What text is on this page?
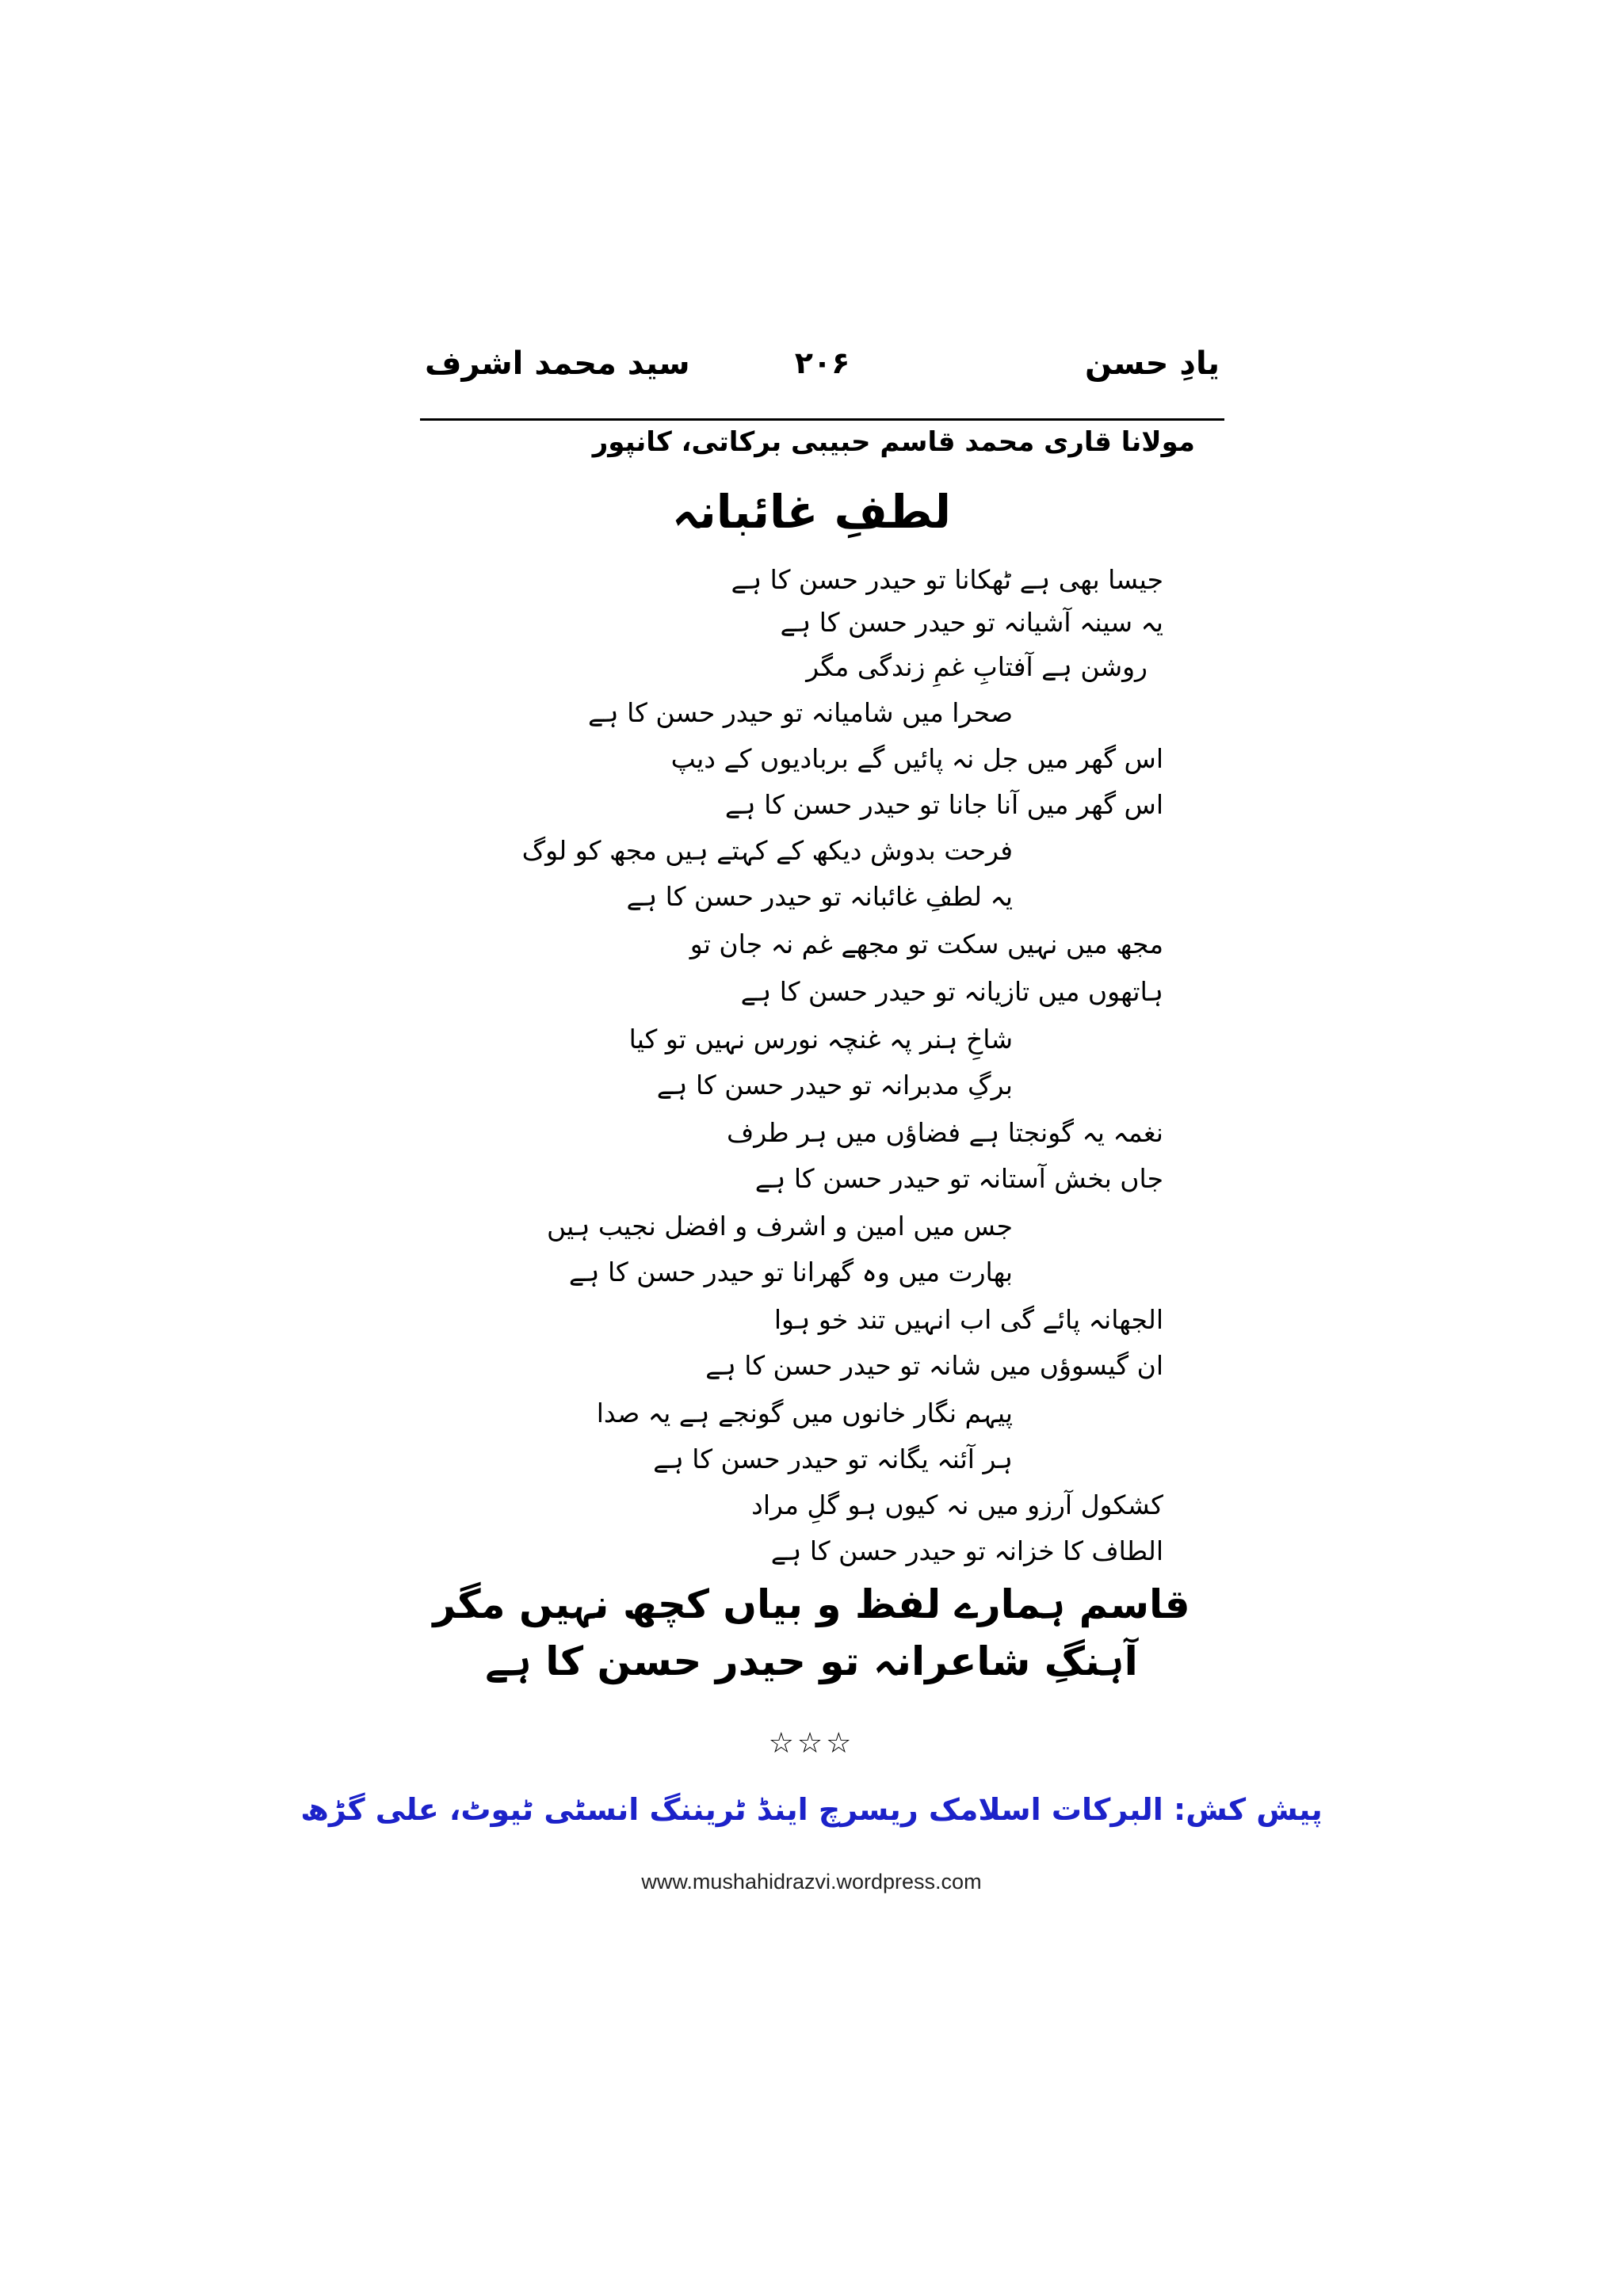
یادِ حسن
۲۰۶
سید محمد اشرف
مولانا قاری محمد قاسم حبیبی برکاتی، کانپور
لطفِ غائبانہ
جیسا بھی ہے ٹھکانا تو حیدر حسن کا ہے
یہ سینہ آشیانہ تو حیدر حسن کا ہے
روشن ہے آفتابِ غمِ زندگی مگر
صحرا میں شامیانہ تو حیدر حسن کا ہے
اس گھر میں جل نہ پائیں گے بربادیوں کے دیپ
اس گھر میں آنا جانا تو حیدر حسن کا ہے
فرحت بدوش دیکھ کے کہتے ہیں مجھ کو لوگ
یہ لطفِ غائبانہ تو حیدر حسن کا ہے
مجھ میں نہیں سکت تو مجھے غم نہ جان تو
ہاتھوں میں تازیانہ تو حیدر حسن کا ہے
شاخِ ہنر پہ غنچہ نورس نہیں تو کیا
برگِ مدبرانہ تو حیدر حسن کا ہے
نغمہ یہ گونجتا ہے فضاؤں میں ہر طرف
جاں بخش آستانہ تو حیدر حسن کا ہے
جس میں امین و اشرف و افضل نجیب ہیں
بھارت میں وہ گھرانا تو حیدر حسن کا ہے
الجھانہ پائے گی اب انہیں تند خو ہوا
ان گیسوؤں میں شانہ تو حیدر حسن کا ہے
پیہم نگار خانوں میں گونجے ہے یہ صدا
ہر آئنہ یگانہ تو حیدر حسن کا ہے
کشکول آرزو میں نہ کیوں ہو گلِ مراد
الطاف کا خزانہ تو حیدر حسن کا ہے
قاسم ہمارے لفظ و بیاں کچھ نہیں مگر
آہنگِ شاعرانہ تو حیدر حسن کا ہے
☆☆☆
پیش کش: البرکات اسلامک ریسرچ اینڈ ٹریننگ انسٹی ٹیوٹ، علی گڑھ
www.mushahidrazvi.wordpress.com
